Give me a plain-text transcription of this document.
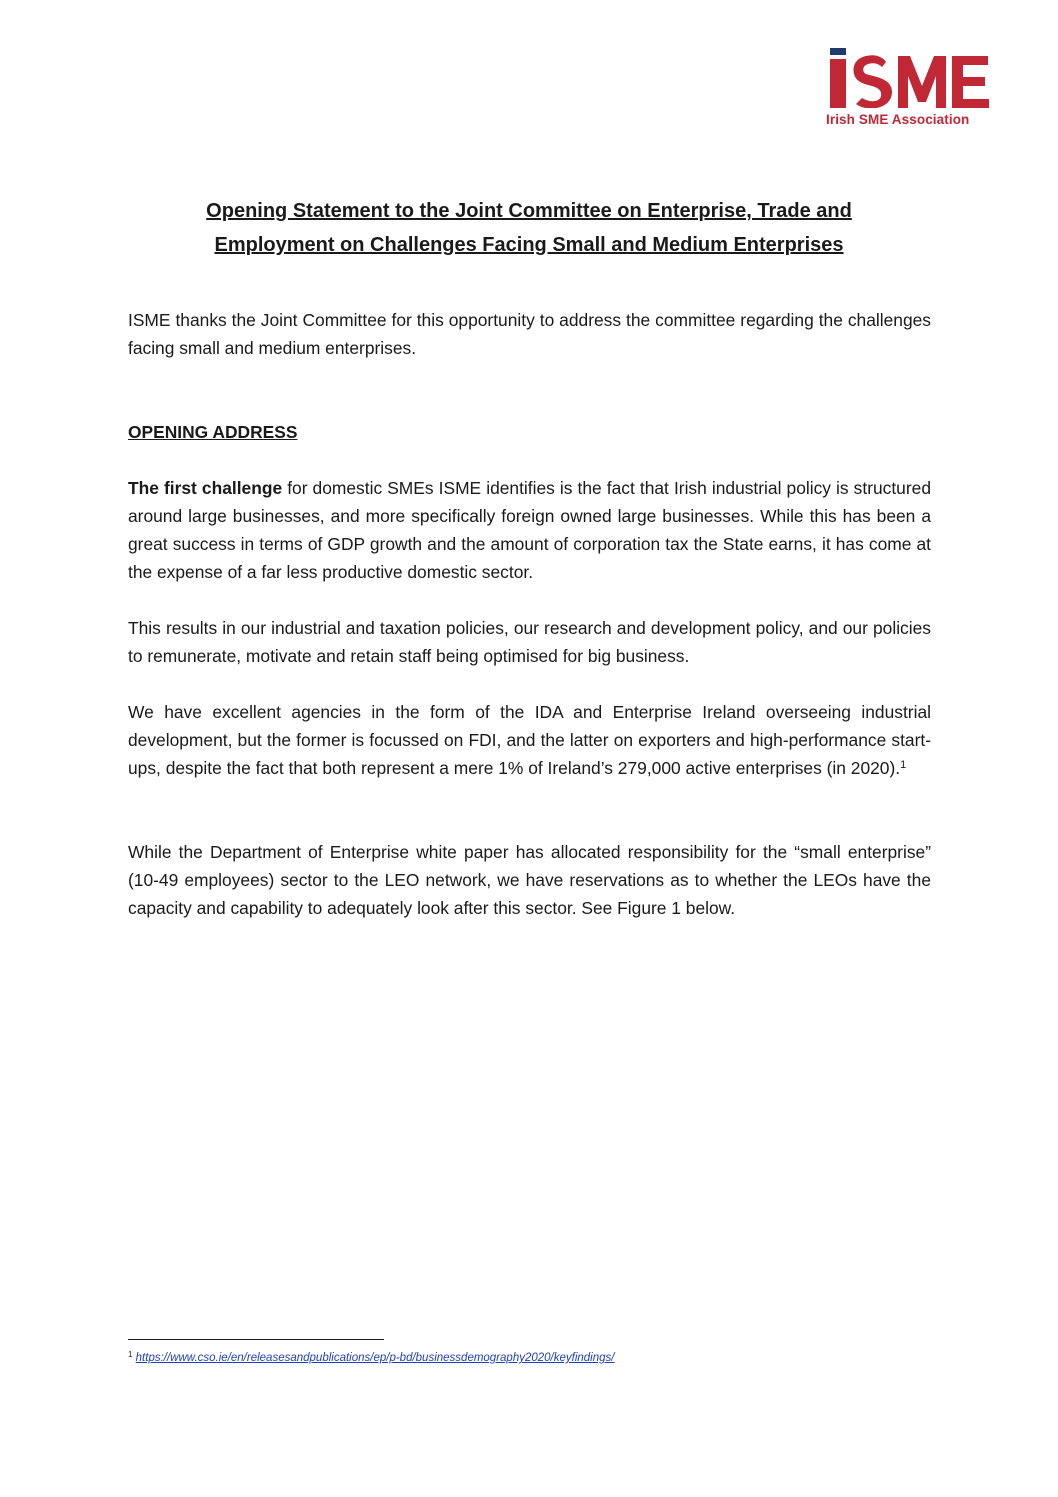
Irish SME Association
Opening Statement to the Joint Committee on Enterprise, Trade and Employment on Challenges Facing Small and Medium Enterprises

ISME thanks the Joint Committee for this opportunity to address the committee regarding the challenges facing small and medium enterprises.

OPENING ADDRESS

The first challenge for domestic SMEs ISME identifies is the fact that Irish industrial policy is structured around large businesses, and more specifically foreign owned large businesses. While this has been a great success in terms of GDP growth and the amount of corporation tax the State earns, it has come at the expense of a far less productive domestic sector.

This results in our industrial and taxation policies, our research and development policy, and our policies to remunerate, motivate and retain staff being optimised for big business.

We have excellent agencies in the form of the IDA and Enterprise Ireland overseeing industrial development, but the former is focussed on FDI, and the latter on exporters and high-performance start-ups, despite the fact that both represent a mere 1% of Ireland’s 279,000 active enterprises (in 2020).$^1$

While the Department of Enterprise white paper has allocated responsibility for the “small enterprise” (10-49 employees) sector to the LEO network, we have reservations as to whether the LEOs have the capacity and capability to adequately look after this sector. See Figure 1 below.

$^1$ https://www.cso.ie/en/releasesandpublications/ep/p-bd/businessdemography2020/keyfindings/
